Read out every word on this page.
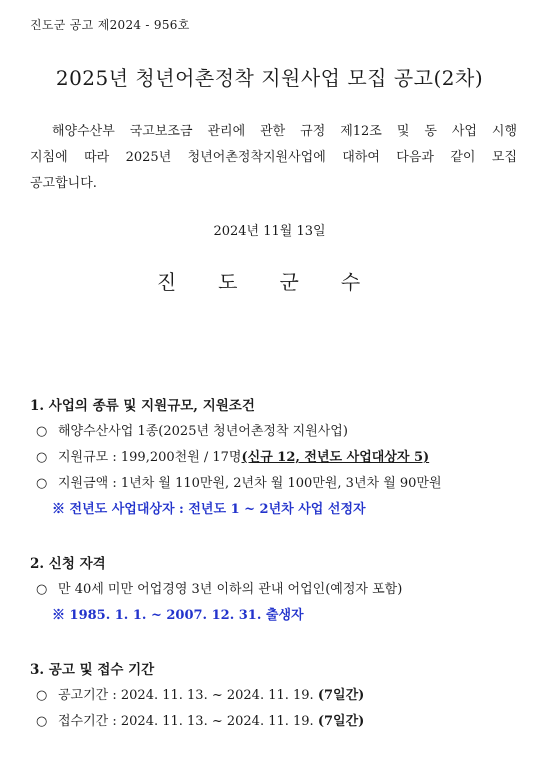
진도군 공고 제2024 - 956호
2025년 청년어촌정착 지원사업 모집 공고(2차)
해양수산부 국고보조금 관리에 관한 규정 제12조 및 동 사업 시행
지침에 따라 2025년 청년어촌정착지원사업에 대하여 다음과 같이 모집
공고합니다.
2024년 11월 13일
진도군수
1. 사업의 종류 및 지원규모, 지원조건
○ 해양수산사업 1종(2025년 청년어촌정착 지원사업)
○ 지원규모 : 199,200천원 / 17명(신규 12, 전년도 사업대상자 5)
○ 지원금액 : 1년차 월 110만원, 2년차 월 100만원, 3년차 월 90만원
※ 전년도 사업대상자 : 전년도 1 ~ 2년차 사업 선정자
2. 신청 자격
○ 만 40세 미만 어업경영 3년 이하의 관내 어업인(예정자 포함)
※ 1985. 1. 1. ~ 2007. 12. 31. 출생자
3. 공고 및 접수 기간
○ 공고기간 : 2024. 11. 13. ~ 2024. 11. 19. (7일간)
○ 접수기간 : 2024. 11. 13. ~ 2024. 11. 19. (7일간)
